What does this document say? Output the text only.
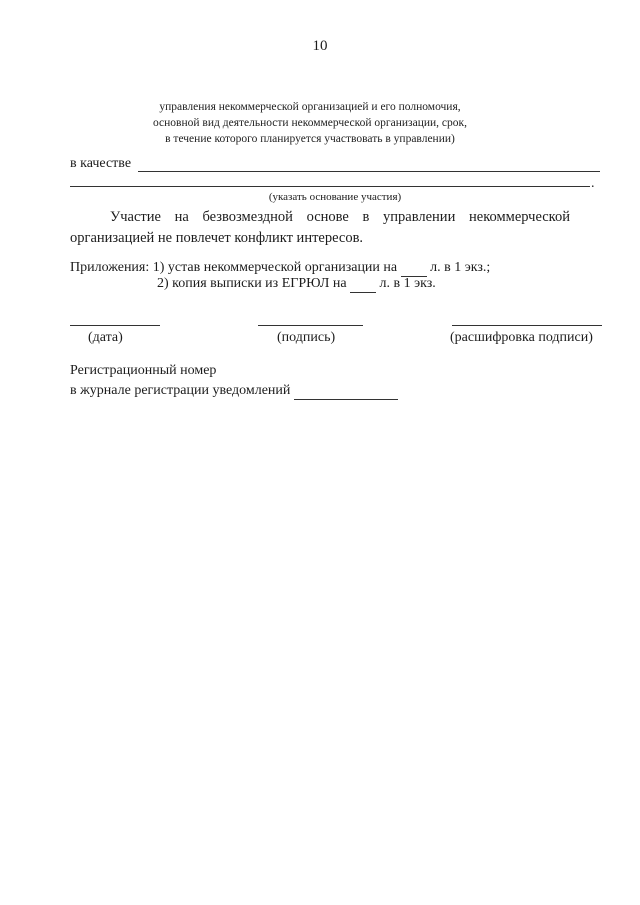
10
управления некоммерческой организацией и его полномочия,
основной вид деятельности некоммерческой организации, срок,
в течение которого планируется участвовать в управлении)
в качестве
.
(указать основание участия)
Участие на безвозмездной основе в управлении некоммерческой
организацией не повлечет конфликт интересов.
Приложения: 1) устав некоммерческой организации на л. в 1 экз.;
2) копия выписки из ЕГРЮЛ на л. в 1 экз.
(дата)	(подпись)	(расшифровка подписи)
Регистрационный номер
в журнале регистрации уведомлений
